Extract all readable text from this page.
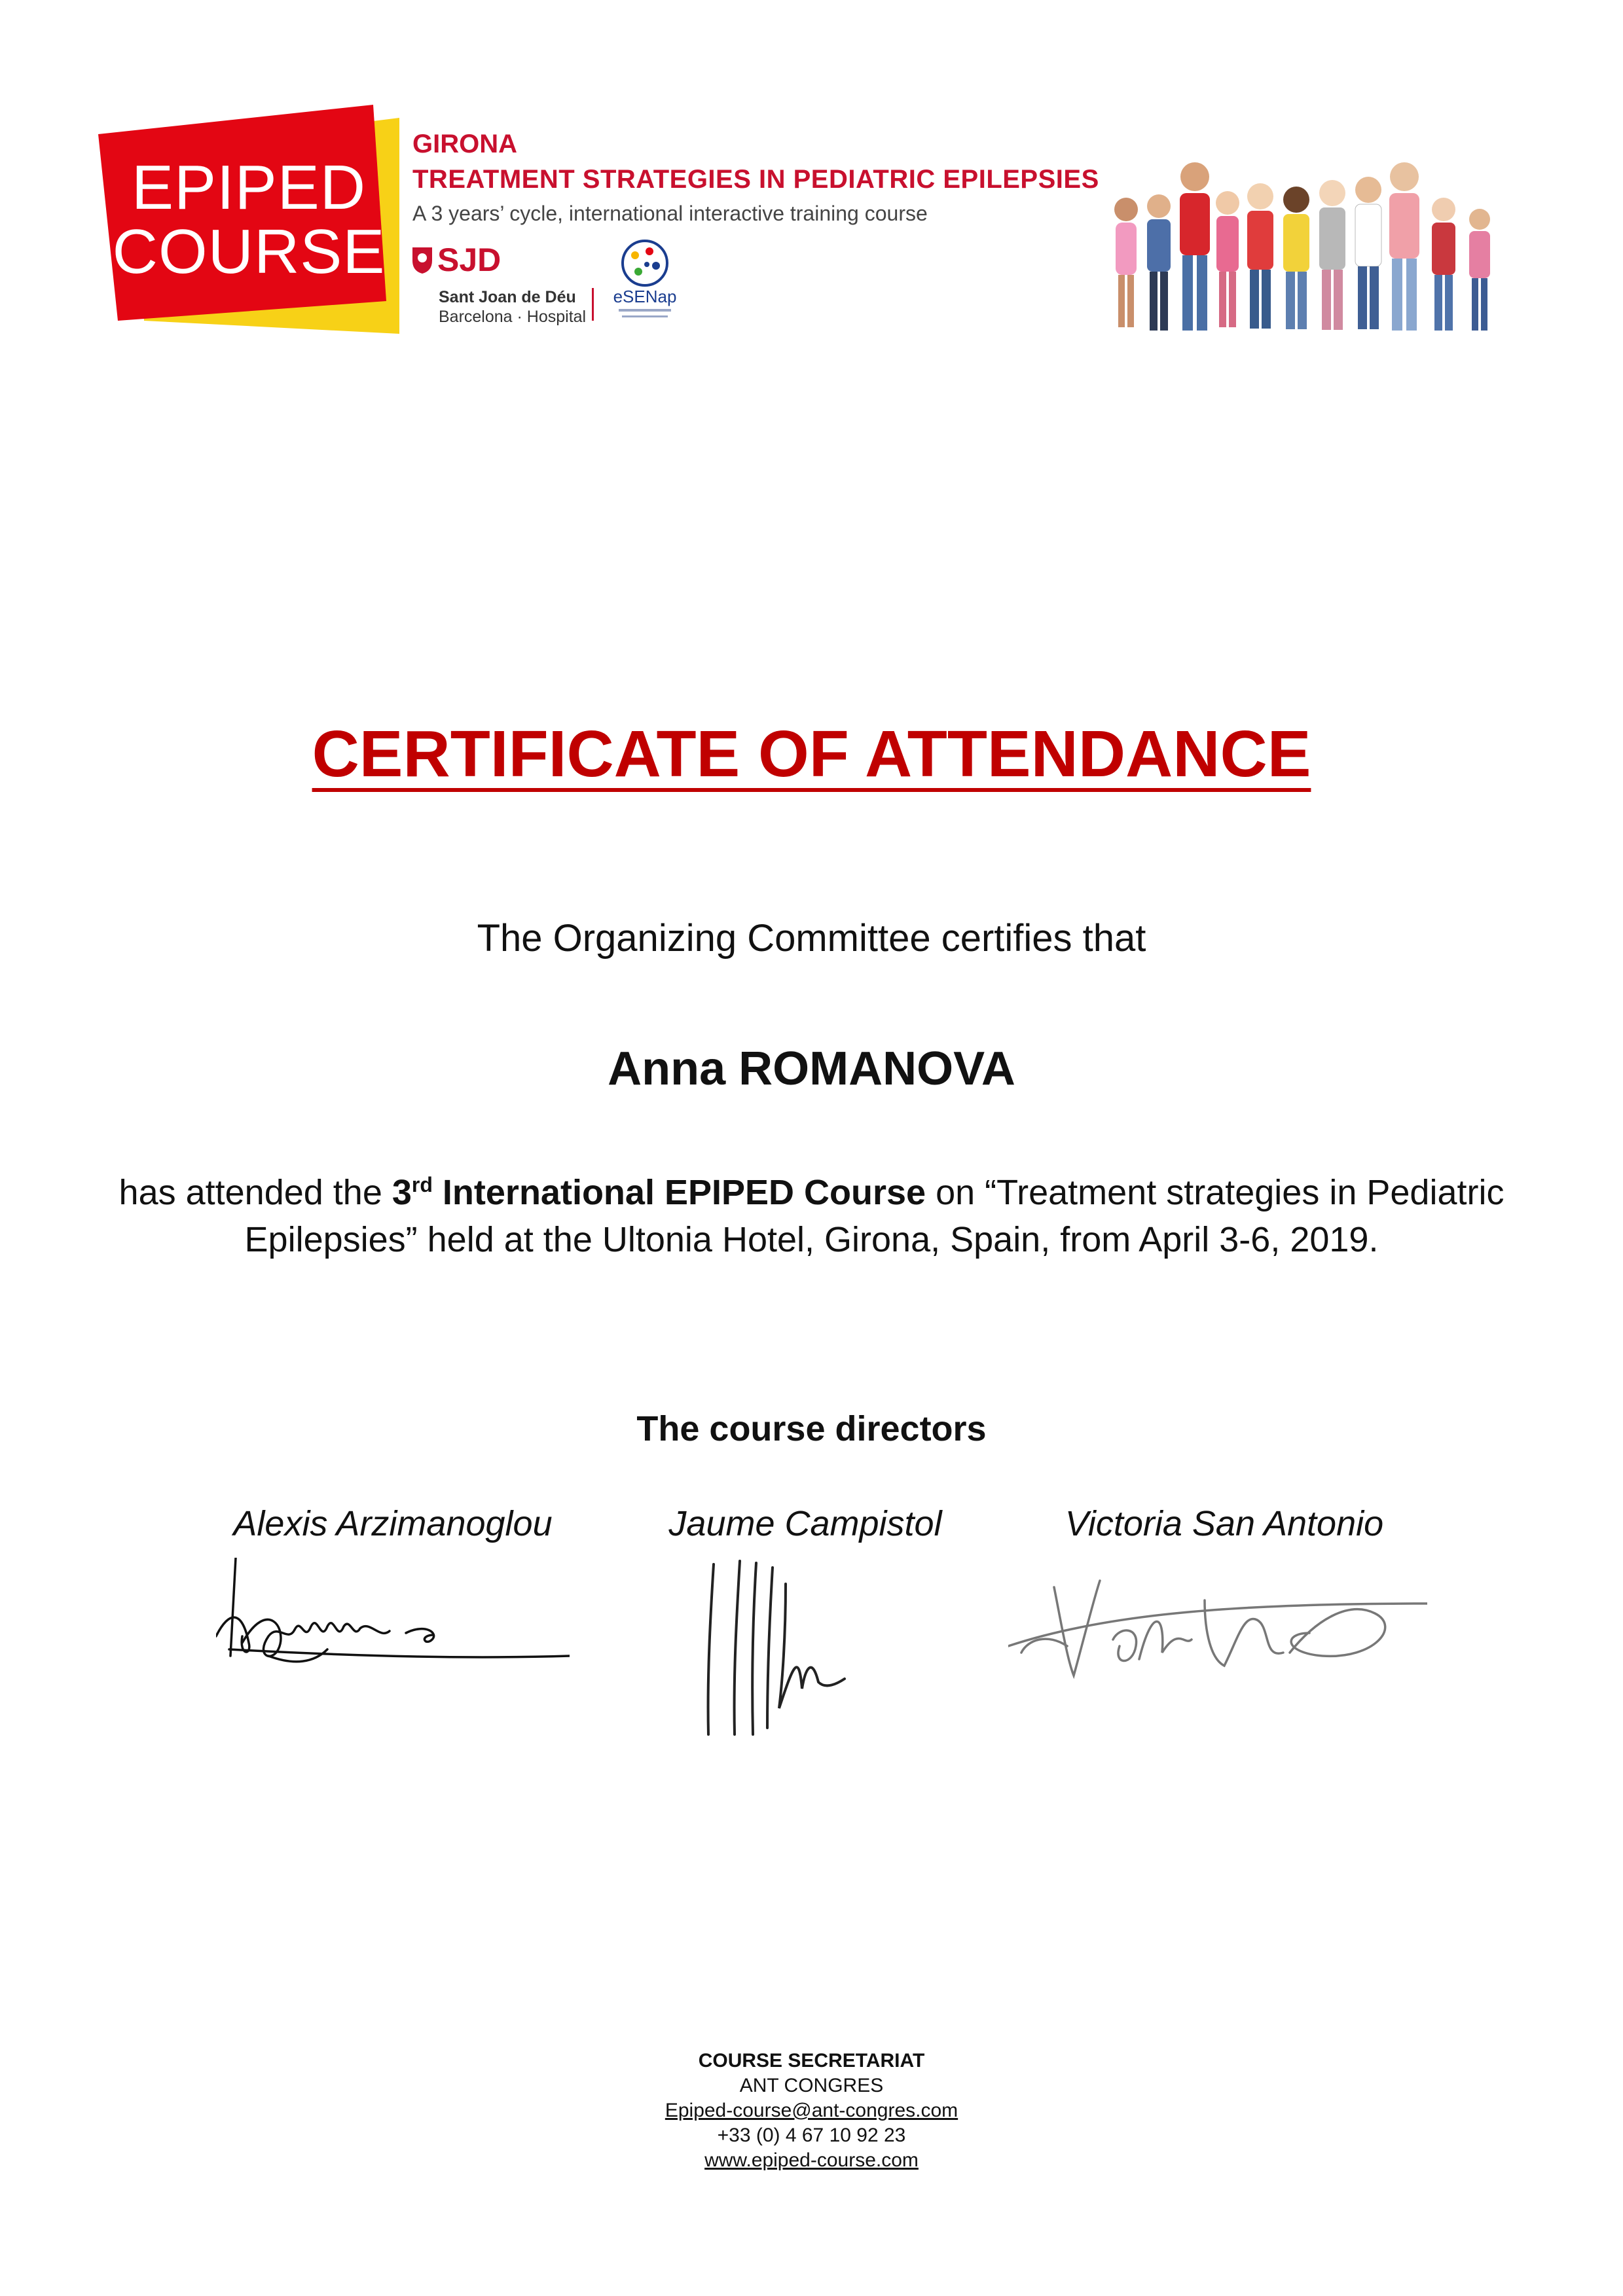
EPIPED
COURSE
GIRONA
TREATMENT STRATEGIES IN PEDIATRIC EPILEPSIES
A 3 years’ cycle, international interactive training course
SJD
Sant Joan de Déu
Barcelona · Hospital
eSENap
CERTIFICATE OF ATTENDANCE
The Organizing Committee certifies that
Anna ROMANOVA
has attended the 3rd International EPIPED Course on “Treatment strategies in Pediatric Epilepsies” held at the Ultonia Hotel, Girona, Spain, from April 3-6, 2019.
The course directors
Alexis Arzimanoglou	Jaume Campistol	Victoria San Antonio
COURSE SECRETARIAT
ANT CONGRES
Epiped-course@ant-congres.com
+33 (0) 4 67 10 92 23
www.epiped-course.com
